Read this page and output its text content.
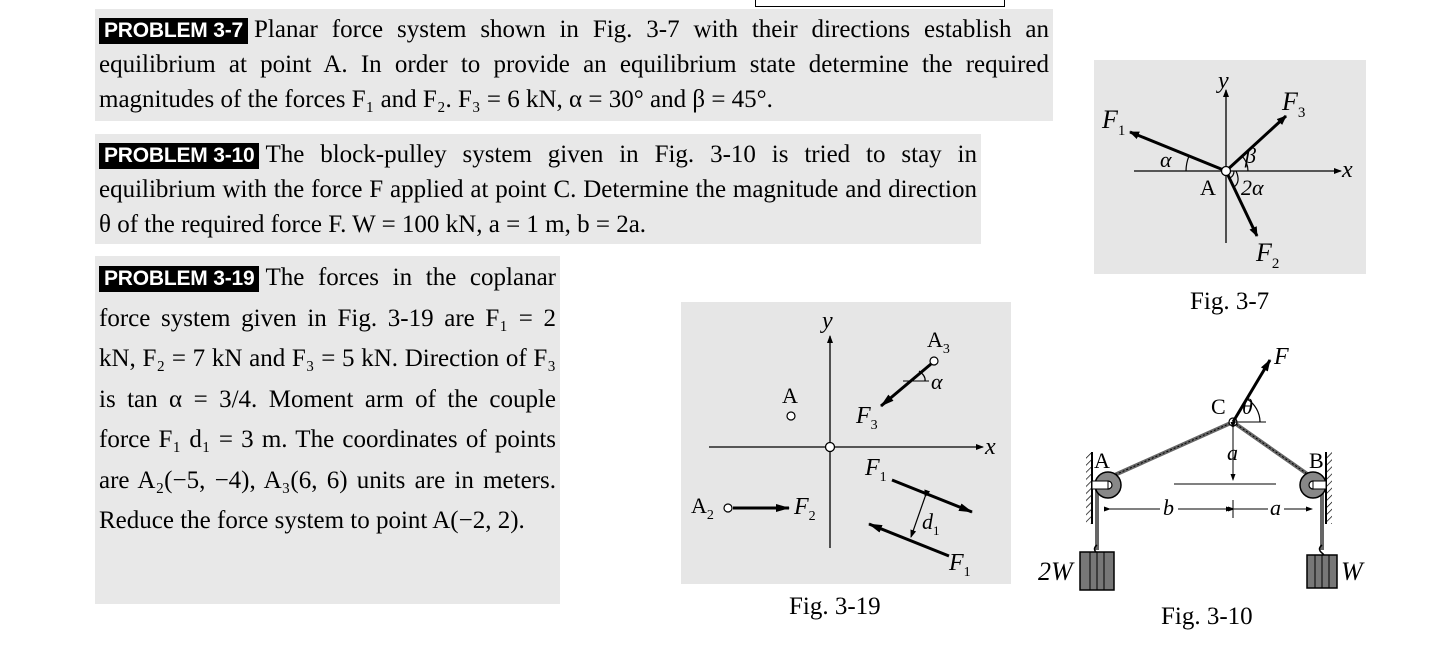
PROBLEM 3-7 Planar force system shown in Fig. 3-7 with their directions establish an equilibrium at point A. In order to provide an equilibrium state determine the required magnitudes of the forces F₁ and F₂. F₃ = 6 kN, α = 30° and β = 45°.
PROBLEM 3-10 The block-pulley system given in Fig. 3-10 is tried to stay in equilibrium with the force F applied at point C. Determine the magnitude and direction θ of the required force F. W = 100 kN, a = 1 m, b = 2a.
PROBLEM 3-19 The forces in the coplanar force system given in Fig. 3-19 are F₁ = 2 kN, F₂ = 7 kN and F₃ = 5 kN. Direction of F₃ is tan α = 3/4. Moment arm of the couple force F₁ d₁ = 3 m. The coordinates of points are A₂(−5, −4), A₃(6, 6) units are in meters. Reduce the force system to point A(−2, 2).
y
x
$F_1$
$F_3$
$F_2$
α	β
2α
A
Fig. 3-7
y
x
A
$A_3$
$A_2$
α
$F_3$
$F_2$
$F_1$
$F_1$
$d_1$
Fig. 3-19
F
θ
C
A	B
a
b	a
2W	W
Fig. 3-10
